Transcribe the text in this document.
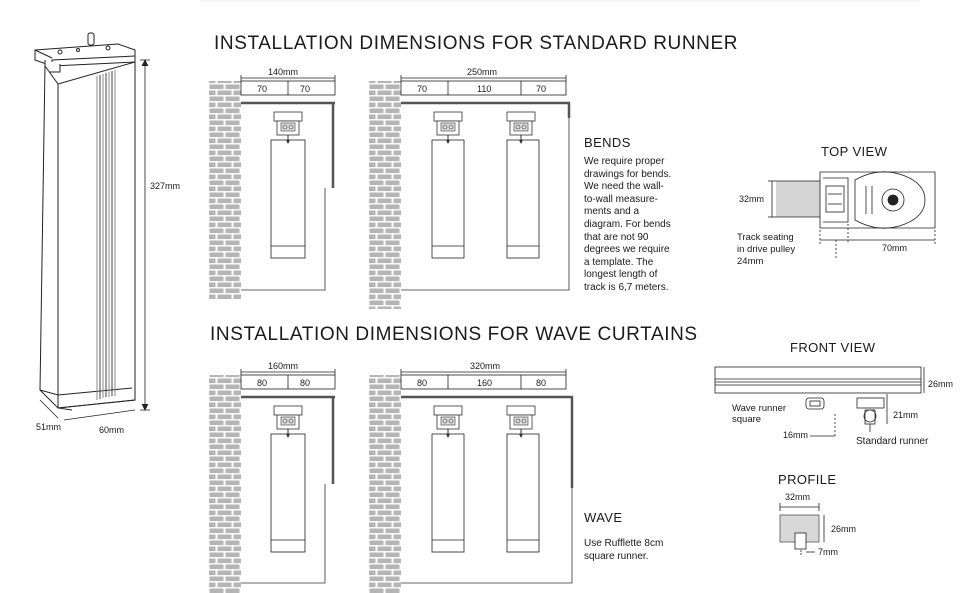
INSTALLATION DIMENSIONS FOR STANDARD RUNNER
INSTALLATION DIMENSIONS FOR WAVE CURTAINS
327mm
51mm	60mm
140mm
70	70
250mm
70	110	70
160mm
80	80
320mm
80	160	80
BENDS
We require proper
drawings for bends.
We need the wall-
to-wall measure-
ments and a
diagram. For bends
that are not 90
degrees we require
a template. The
longest length of
track is 6,7 meters.
WAVE
Use Rufflette 8cm
square runner.
TOP VIEW
32mm
Track seating
in drive pulley
24mm
70mm
FRONT VIEW
26mm
Wave runner
square
16mm
21mm
Standard runner
PROFILE
32mm
26mm
7mm
